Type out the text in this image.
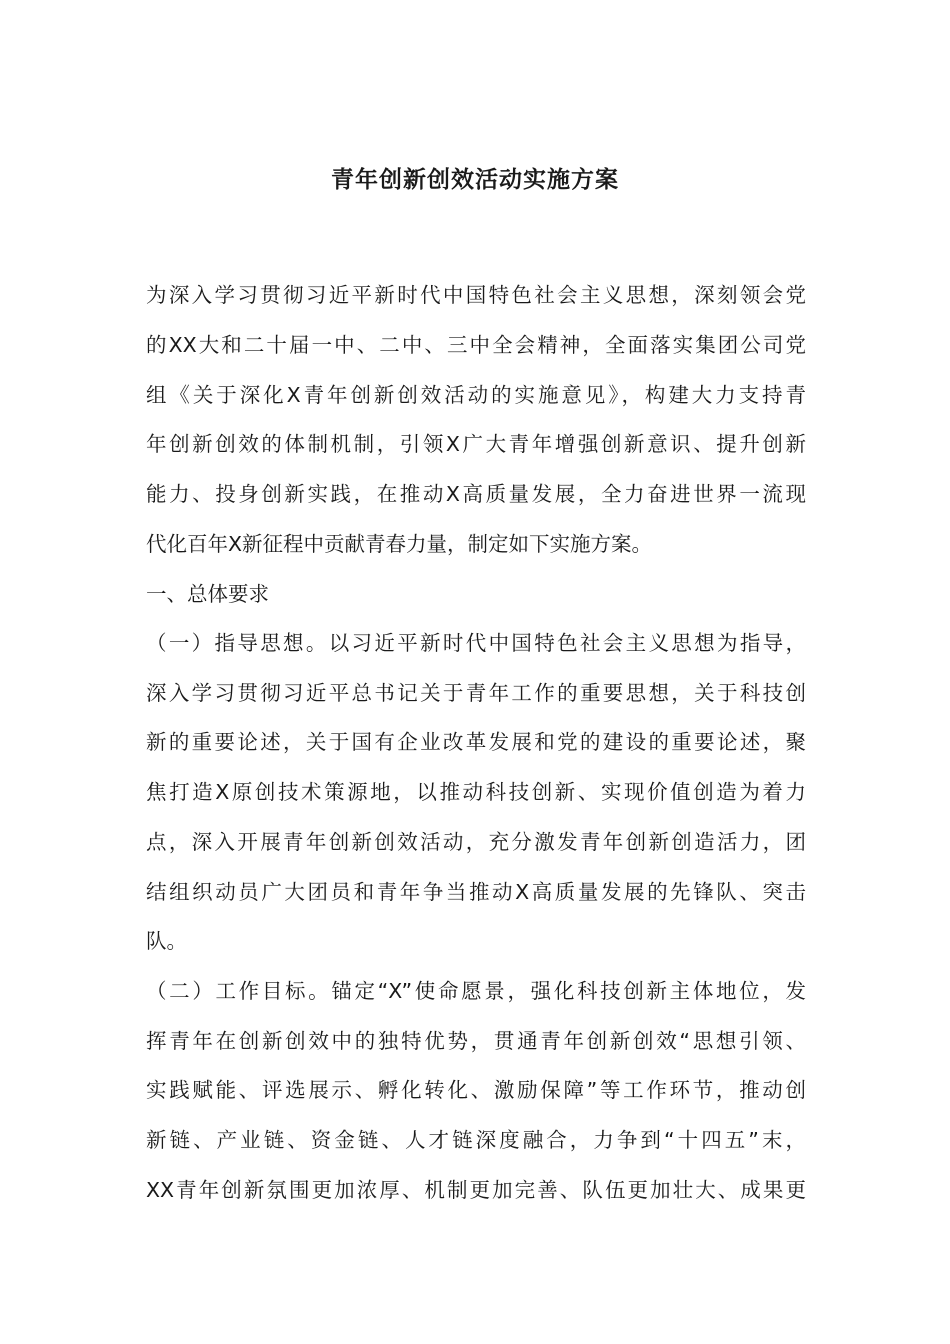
青年创新创效活动实施方案
为深入学习贯彻习近平新时代中国特色社会主义思想，深刻领会党
的XX大和二十届一中、二中、三中全会精神，全面落实集团公司党
组《关于深化X青年创新创效活动的实施意见》，构建大力支持青
年创新创效的体制机制，引领X广大青年增强创新意识、提升创新
能力、投身创新实践，在推动X高质量发展，全力奋进世界一流现
代化百年X新征程中贡献青春力量，制定如下实施方案。
一、总体要求
（一）指导思想。以习近平新时代中国特色社会主义思想为指导，
深入学习贯彻习近平总书记关于青年工作的重要思想，关于科技创
新的重要论述，关于国有企业改革发展和党的建设的重要论述，聚
焦打造X原创技术策源地，以推动科技创新、实现价值创造为着力
点，深入开展青年创新创效活动，充分激发青年创新创造活力，团
结组织动员广大团员和青年争当推动X高质量发展的先锋队、突击
队。
（二）工作目标。锚定“X”使命愿景，强化科技创新主体地位，发
挥青年在创新创效中的独特优势，贯通青年创新创效“思想引领、
实践赋能、评选展示、孵化转化、激励保障”等工作环节，推动创
新链、产业链、资金链、人才链深度融合，力争到“十四五”末，
XX青年创新氛围更加浓厚、机制更加完善、队伍更加壮大、成果更
